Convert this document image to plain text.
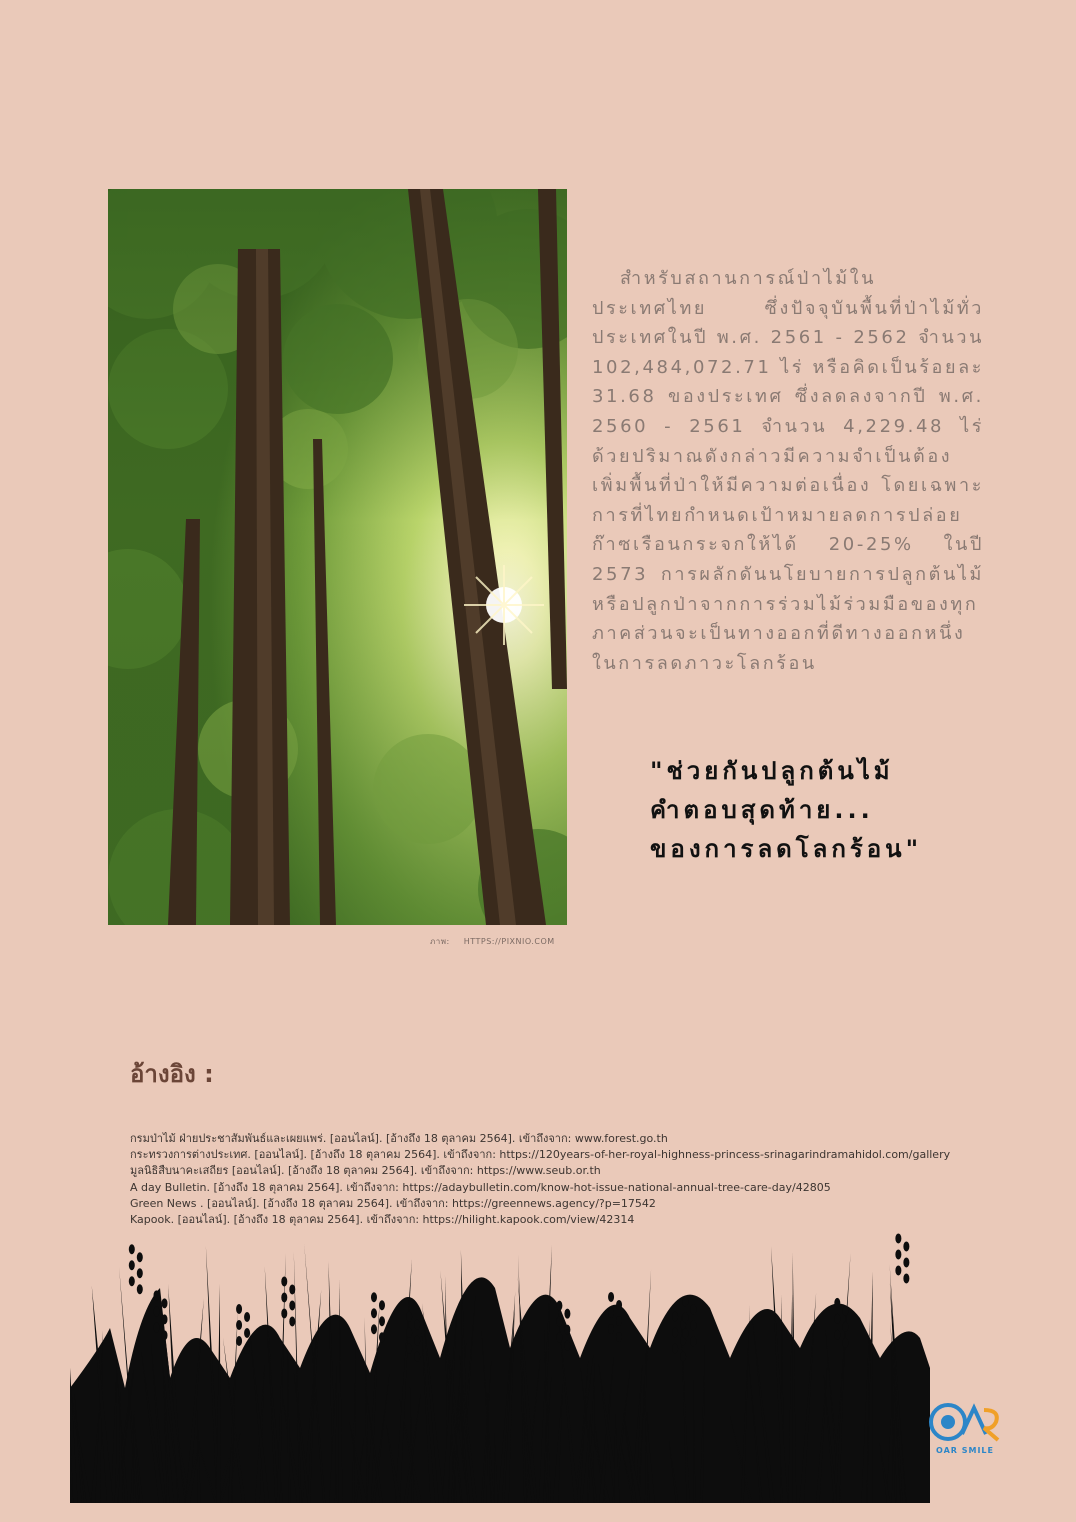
ภาพ: HTTPS://PIXNIO.COM
สำหรับสถานการณ์ป่าไม้ในประเทศไทย ซึ่งปัจจุบันพื้นที่ป่าไม้ทั่วประเทศในปี พ.ศ. 2561 - 2562 จำนวน 102,484,072.71 ไร่ หรือคิดเป็นร้อยละ 31.68 ของประเทศ ซึ่งลดลงจากปี พ.ศ. 2560 - 2561 จำนวน 4,229.48 ไร่ ด้วยปริมาณดังกล่าวมีความจำเป็นต้องเพิ่มพื้นที่ป่าให้มีความต่อเนื่อง โดยเฉพาะการที่ไทยกำหนดเป้าหมายลดการปล่อยก๊าซเรือนกระจกให้ได้ 20-25% ในปี 2573 การผลักดันนโยบายการปลูกต้นไม้หรือปลูกป่าจากการร่วมไม้ร่วมมือของทุกภาคส่วนจะเป็นทางออกที่ดีทางออกหนึ่งในการลดภาวะโลกร้อน
"ช่วยกันปลูกต้นไม้
คำตอบสุดท้าย...
ของการลดโลกร้อน"
อ้างอิง :
กรมป่าไม้ ฝ่ายประชาสัมพันธ์และเผยแพร่. [ออนไลน์]. [อ้างถึง 18 ตุลาคม 2564]. เข้าถึงจาก: www.forest.go.th
กระทรวงการต่างประเทศ. [ออนไลน์]. [อ้างถึง 18 ตุลาคม 2564]. เข้าถึงจาก: https://120years-of-her-royal-highness-princess-srinagarindramahidol.com/gallery
มูลนิธิสืบนาคะเสถียร [ออนไลน์]. [อ้างถึง 18 ตุลาคม 2564]. เข้าถึงจาก: https://www.seub.or.th
A day Bulletin. [อ้างถึง 18 ตุลาคม 2564]. เข้าถึงจาก: https://adaybulletin.com/know-hot-issue-national-annual-tree-care-day/42805
Green News . [ออนไลน์]. [อ้างถึง 18 ตุลาคม 2564]. เข้าถึงจาก: https://greennews.agency/?p=17542
Kapook. [ออนไลน์]. [อ้างถึง 18 ตุลาคม 2564]. เข้าถึงจาก: https://hilight.kapook.com/view/42314
OAR SMILE
